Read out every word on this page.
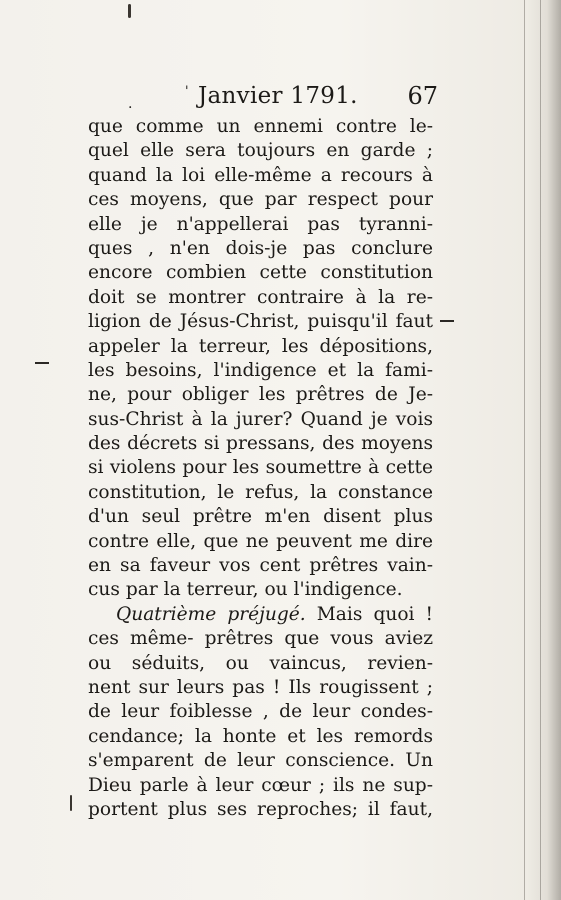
.
' Janvier 1791. 67
que comme un ennemi contre le-
quel elle sera toujours en garde ;
quand la loi elle-même a recours à
ces moyens, que par respect pour
elle je n'appellerai pas tyranni-
ques , n'en dois-je pas conclure
encore combien cette constitution
doit se montrer contraire à la re-
ligion de Jésus-Christ, puisqu'il faut
appeler la terreur, les dépositions,
les besoins, l'indigence et la fami-
ne, pour obliger les prêtres de Je-
sus-Christ à la jurer? Quand je vois
des décrets si pressans, des moyens
si violens pour les soumettre à cette
constitution, le refus, la constance
d'un seul prêtre m'en disent plus
contre elle, que ne peuvent me dire
en sa faveur vos cent prêtres vain-
cus par la terreur, ou l'indigence.
Quatrième préjugé. Mais quoi !
ces même- prêtres que vous aviez
ou séduits, ou vaincus, revien-
nent sur leurs pas ! Ils rougissent ;
de leur foiblesse , de leur condes-
cendance; la honte et les remords
s'emparent de leur conscience. Un
Dieu parle à leur cœur ; ils ne sup-
portent plus ses reproches; il faut,
